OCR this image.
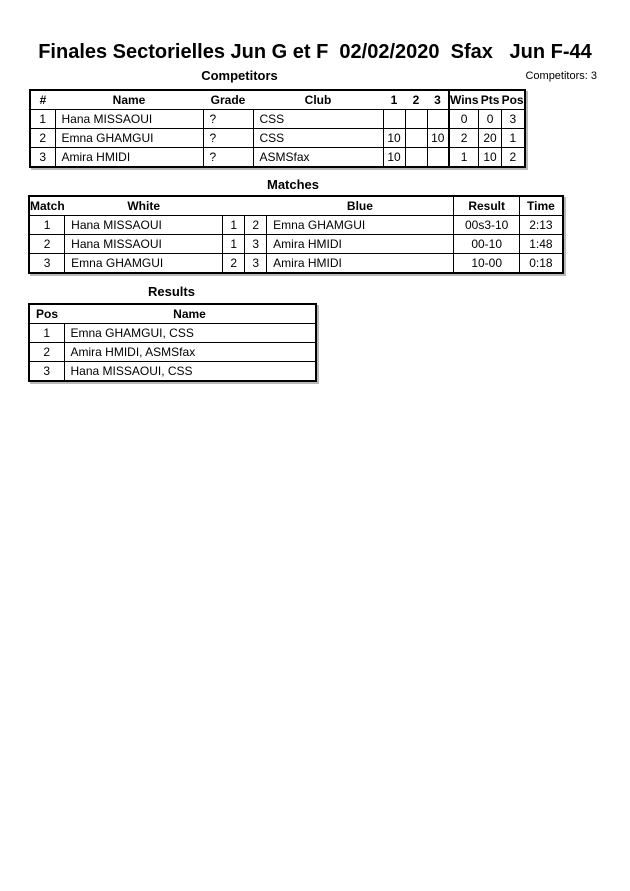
Finales Sectorielles Jun G et F  02/02/2020  Sfax   Jun F-44
Competitors	Competitors: 3
#	Name	Grade	Club	1	2	3	Wins	Pts	Pos
1	Hana MISSAOUI	?	CSS				0	0	3
2	Emna GHAMGUI	?	CSS	10		10	2	20	1
3	Amira HMIDI	?	ASMSfax	10			1	10	2
Matches
Match	White			Blue	Result	Time
1	Hana MISSAOUI	1	2	Emna GHAMGUI	00s3-10	2:13
2	Hana MISSAOUI	1	3	Amira HMIDI	00-10	1:48
3	Emna GHAMGUI	2	3	Amira HMIDI	10-00	0:18
Results
Pos	Name
1	Emna GHAMGUI, CSS
2	Amira HMIDI, ASMSfax
3	Hana MISSAOUI, CSS
